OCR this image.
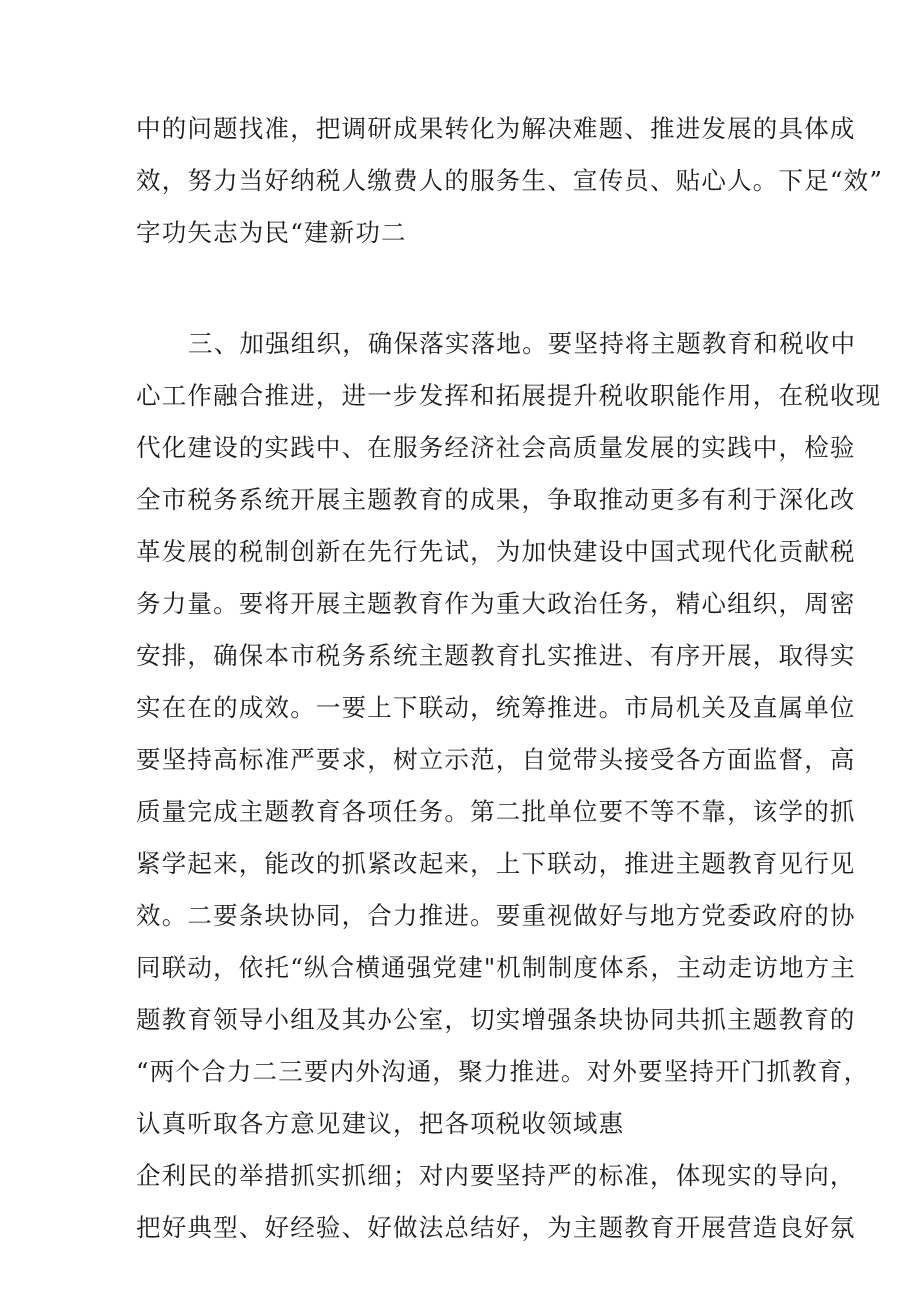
中的问题找准，把调研成果转化为解决难题、推进发展的具体成
效，努力当好纳税人缴费人的服务生、宣传员、贴心人。下足“效”
字功矢志为民“建新功二
三、加强组织，确保落实落地。要坚持将主题教育和税收中
心工作融合推进，进一步发挥和拓展提升税收职能作用，在税收现
代化建设的实践中、在服务经济社会高质量发展的实践中，检验
全市税务系统开展主题教育的成果，争取推动更多有利于深化改
革发展的税制创新在先行先试，为加快建设中国式现代化贡献税
务力量。要将开展主题教育作为重大政治任务，精心组织，周密
安排，确保本市税务系统主题教育扎实推进、有序开展，取得实
实在在的成效。一要上下联动，统筹推进。市局机关及直属单位
要坚持高标准严要求，树立示范，自觉带头接受各方面监督，高
质量完成主题教育各项任务。第二批单位要不等不靠，该学的抓
紧学起来，能改的抓紧改起来，上下联动，推进主题教育见行见
效。二要条块协同，合力推进。要重视做好与地方党委政府的协
同联动，依托“纵合横通强党建"机制制度体系，主动走访地方主
题教育领导小组及其办公室，切实增强条块协同共抓主题教育的
“两个合力二三要内外沟通，聚力推进。对外要坚持开门抓教育，
认真听取各方意见建议，把各项税收领域惠
企利民的举措抓实抓细；对内要坚持严的标准，体现实的导向，
把好典型、好经验、好做法总结好，为主题教育开展营造良好氛
